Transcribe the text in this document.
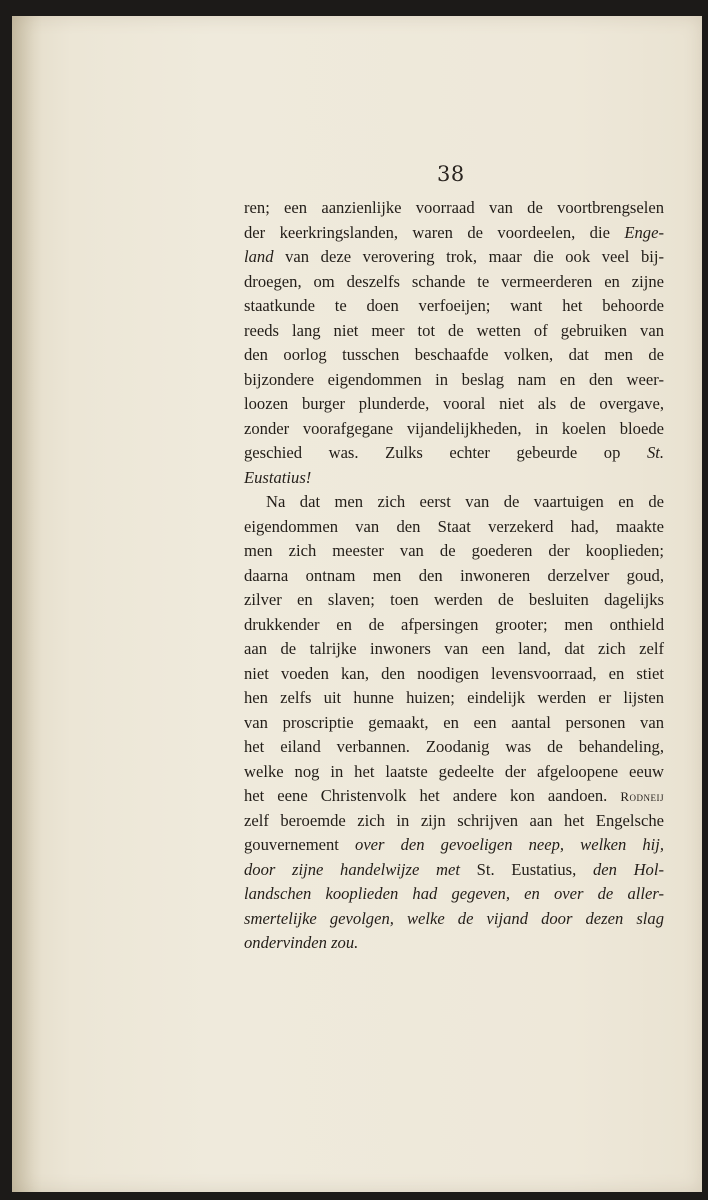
38
ren; een aanzienlijke voorraad van de voortbrengselen
der keerkringslanden, waren de voordeelen, die Enge-
land van deze verovering trok, maar die ook veel bij-
droegen, om deszelfs schande te vermeerderen en zijne
staatkunde te doen verfoeijen; want het behoorde
reeds lang niet meer tot de wetten of gebruiken van
den oorlog tusschen beschaafde volken, dat men de
bijzondere eigendommen in beslag nam en den weer-
loozen burger plunderde, vooral niet als de overgave,
zonder voorafgegane vijandelijkheden, in koelen bloede
geschied was. Zulks echter gebeurde op St.
Eustatius!
Na dat men zich eerst van de vaartuigen en de
eigendommen van den Staat verzekerd had, maakte
men zich meester van de goederen der kooplieden;
daarna ontnam men den inwoneren derzelver goud,
zilver en slaven; toen werden de besluiten dagelijks
drukkender en de afpersingen grooter; men onthield
aan de talrijke inwoners van een land, dat zich zelf
niet voeden kan, den noodigen levensvoorraad, en stiet
hen zelfs uit hunne huizen; eindelijk werden er lijsten
van proscriptie gemaakt, en een aantal personen van
het eiland verbannen. Zoodanig was de behandeling,
welke nog in het laatste gedeelte der afgeloopene eeuw
het eene Christenvolk het andere kon aandoen. Rodneij
zelf beroemde zich in zijn schrijven aan het Engelsche
gouvernement over den gevoeligen neep, welken hij,
door zijne handelwijze met St. Eustatius, den Hol-
landschen kooplieden had gegeven, en over de aller-
smertelijke gevolgen, welke de vijand door dezen slag
ondervinden zou.
